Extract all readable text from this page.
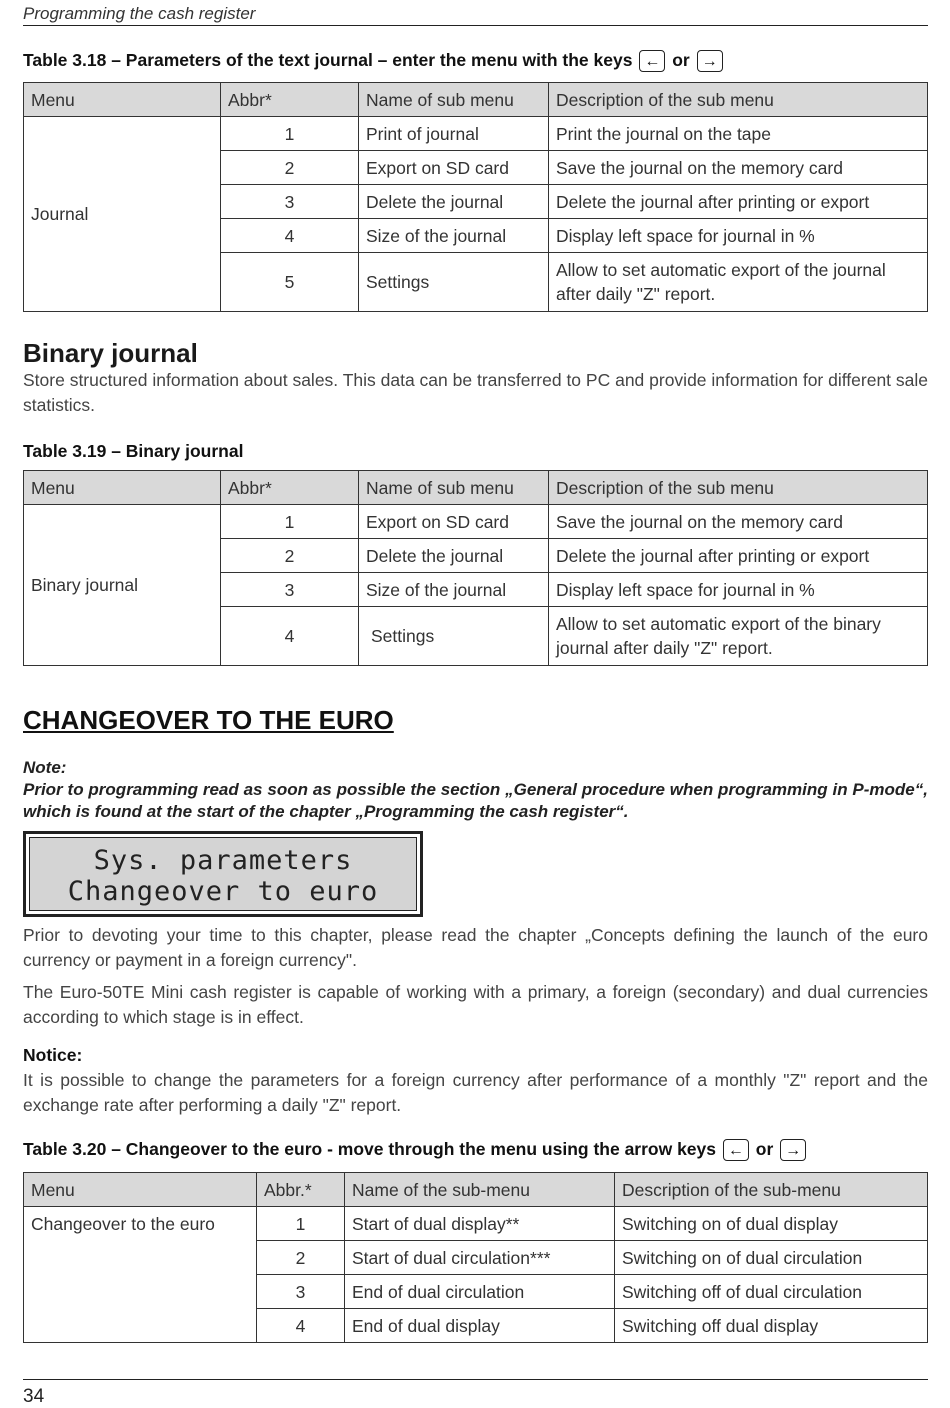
Programming the cash register
Table 3.18 – Parameters of the text journal – enter the menu with the keys ← or →
Menu	Abbr*	Name of sub menu	Description of the sub menu
Journal	1	Print of journal	Print the journal on the tape
	2	Export on SD card	Save the journal on the memory card
	3	Delete the journal	Delete the journal after printing or export
	4	Size of the journal	Display left space for journal in %
	5	Settings	Allow to set automatic export of the journal
after daily "Z" report.
Binary journal
Store structured information about sales. This data can be transferred to PC and provide information for different sale statistics.
Table 3.19 – Binary journal
Menu	Abbr*	Name of sub menu	Description of the sub menu
Binary journal	1	Export on SD card	Save the journal on the memory card
	2	Delete the journal	Delete the journal after printing or export
	3	Size of the journal	Display left space for journal in %
	4	Settings	Allow to set automatic export of the binary
journal after daily "Z" report.
CHANGEOVER TO THE EURO
Note:
Prior to programming read as soon as possible the section „General procedure when programming in P-mode“, which is found at the start of the chapter „Programming the cash register“.
Sys. parameters
Changeover to euro
Prior to devoting your time to this chapter, please read the chapter „Concepts defining the launch of the euro currency or payment in a foreign currency".
The Euro-50TE Mini cash register is capable of working with a primary, a foreign (secondary) and dual currencies according to which stage is in effect.
Notice:
It is possible to change the parameters for a foreign currency after performance of a monthly "Z" report and the exchange rate after performing a daily "Z" report.
Table 3.20 – Changeover to the euro - move through the menu using the arrow keys ← or →
Menu	Abbr.*	Name of the sub-menu	Description of the sub-menu
Changeover to the euro	1	Start of dual display**	Switching on of dual display
	2	Start of dual circulation***	Switching on of dual circulation
	3	End of dual circulation	Switching off of dual circulation
	4	End of dual display	Switching off dual display
34
